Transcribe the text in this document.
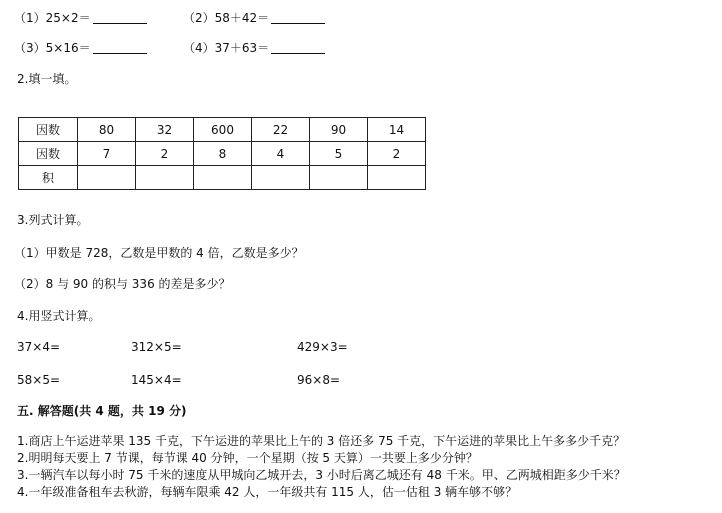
（1）25×2＝	（2）58＋42＝
（3）5×16＝	（4）37＋63＝
2.填一填。
因数	80	32	600	22	90	14
因数	7	2	8	4	5	2
积						
3.列式计算。
（1）甲数是 728，乙数是甲数的 4 倍，乙数是多少？
（2）8 与 90 的积与 336 的差是多少？
4.用竖式计算。
37×4=	312×5=	429×3=
58×5=	145×4=	96×8=
五. 解答题(共 4 题，共 19 分)
1.商店上午运进苹果 135 千克，下午运进的苹果比上午的 3 倍还多 75 千克，下午运进的苹果比上午多多少千克？
2.明明每天要上 7 节课，每节课 40 分钟，一个星期（按 5 天算）一共要上多少分钟？
3.一辆汽车以每小时 75 千米的速度从甲城向乙城开去，3 小时后离乙城还有 48 千米。甲、乙两城相距多少千米？
4.一年级准备租车去秋游，每辆车限乘 42 人，一年级共有 115 人，估一估租 3 辆车够不够？
